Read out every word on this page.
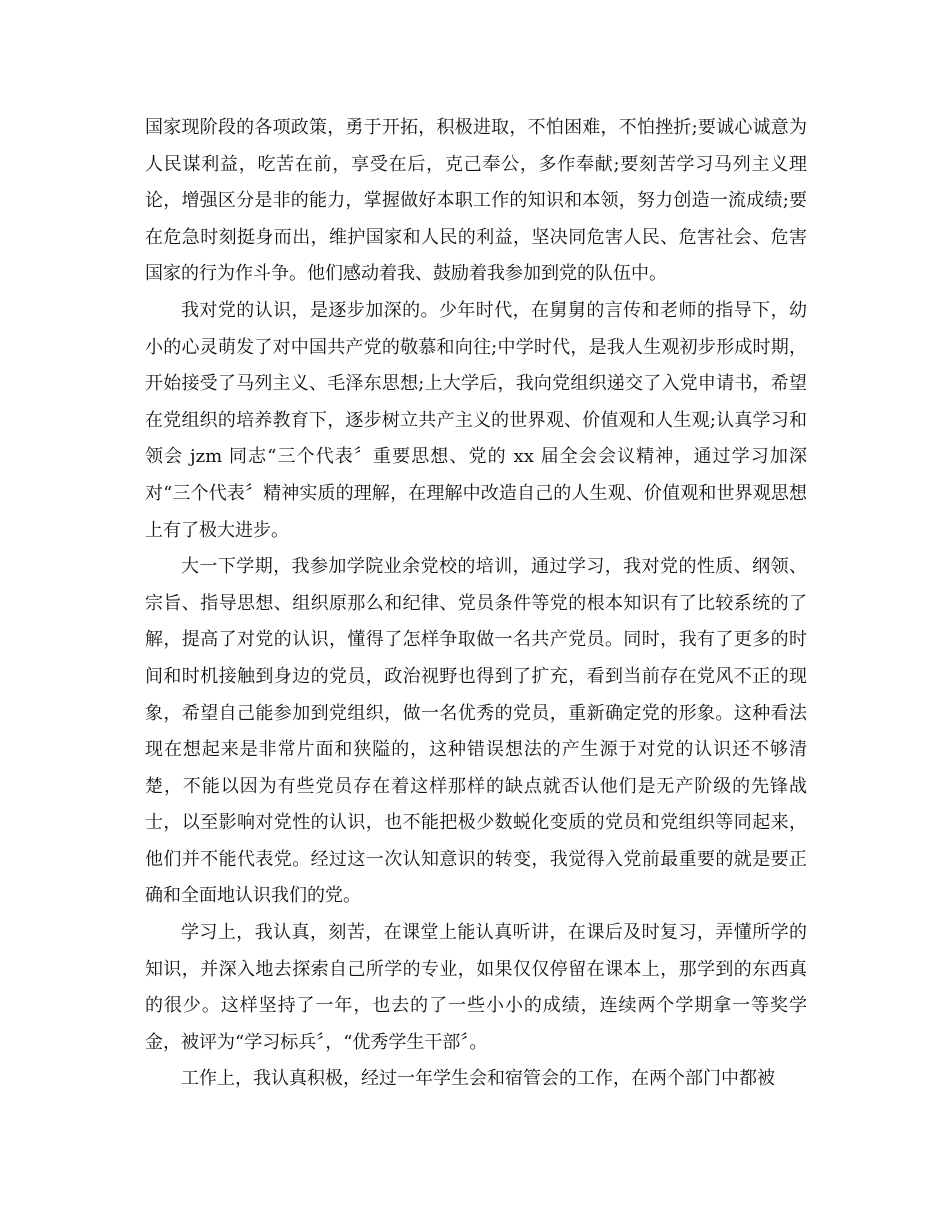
国家现阶段的各项政策，勇于开拓，积极进取，不怕困难，不怕挫折;要诚心诚意为人民谋利益，吃苦在前，享受在后，克己奉公，多作奉献;要刻苦学习马列主义理论，增强区分是非的能力，掌握做好本职工作的知识和本领，努力创造一流成绩;要在危急时刻挺身而出，维护国家和人民的利益，坚决同危害人民、危害社会、危害国家的行为作斗争。他们感动着我、鼓励着我参加到党的队伍中。

我对党的认识，是逐步加深的。少年时代，在舅舅的言传和老师的指导下，幼小的心灵萌发了对中国共产党的敬慕和向往;中学时代，是我人生观初步形成时期，开始接受了马列主义、毛泽东思想;上大学后，我向党组织递交了入党申请书，希望在党组织的培养教育下，逐步树立共产主义的世界观、价值观和人生观;认真学习和领会 jzm 同志“三个代表〞重要思想、党的 xx 届全会会议精神，通过学习加深对“三个代表〞精神实质的理解，在理解中改造自己的人生观、价值观和世界观思想上有了极大进步。

大一下学期，我参加学院业余党校的培训，通过学习，我对党的性质、纲领、宗旨、指导思想、组织原那么和纪律、党员条件等党的根本知识有了比较系统的了解，提高了对党的认识，懂得了怎样争取做一名共产党员。同时，我有了更多的时间和时机接触到身边的党员，政治视野也得到了扩充，看到当前存在党风不正的现象，希望自己能参加到党组织，做一名优秀的党员，重新确定党的形象。这种看法现在想起来是非常片面和狭隘的，这种错误想法的产生源于对党的认识还不够清楚，不能以因为有些党员存在着这样那样的缺点就否认他们是无产阶级的先锋战士，以至影响对党性的认识，也不能把极少数蜕化变质的党员和党组织等同起来，他们并不能代表党。经过这一次认知意识的转变，我觉得入党前最重要的就是要正确和全面地认识我们的党。

学习上，我认真，刻苦，在课堂上能认真听讲，在课后及时复习，弄懂所学的知识，并深入地去探索自己所学的专业，如果仅仅停留在课本上，那学到的东西真的很少。这样坚持了一年，也去的了一些小小的成绩，连续两个学期拿一等奖学金，被评为“学习标兵〞，“优秀学生干部〞。

工作上，我认真积极，经过一年学生会和宿管会的工作，在两个部门中都被
